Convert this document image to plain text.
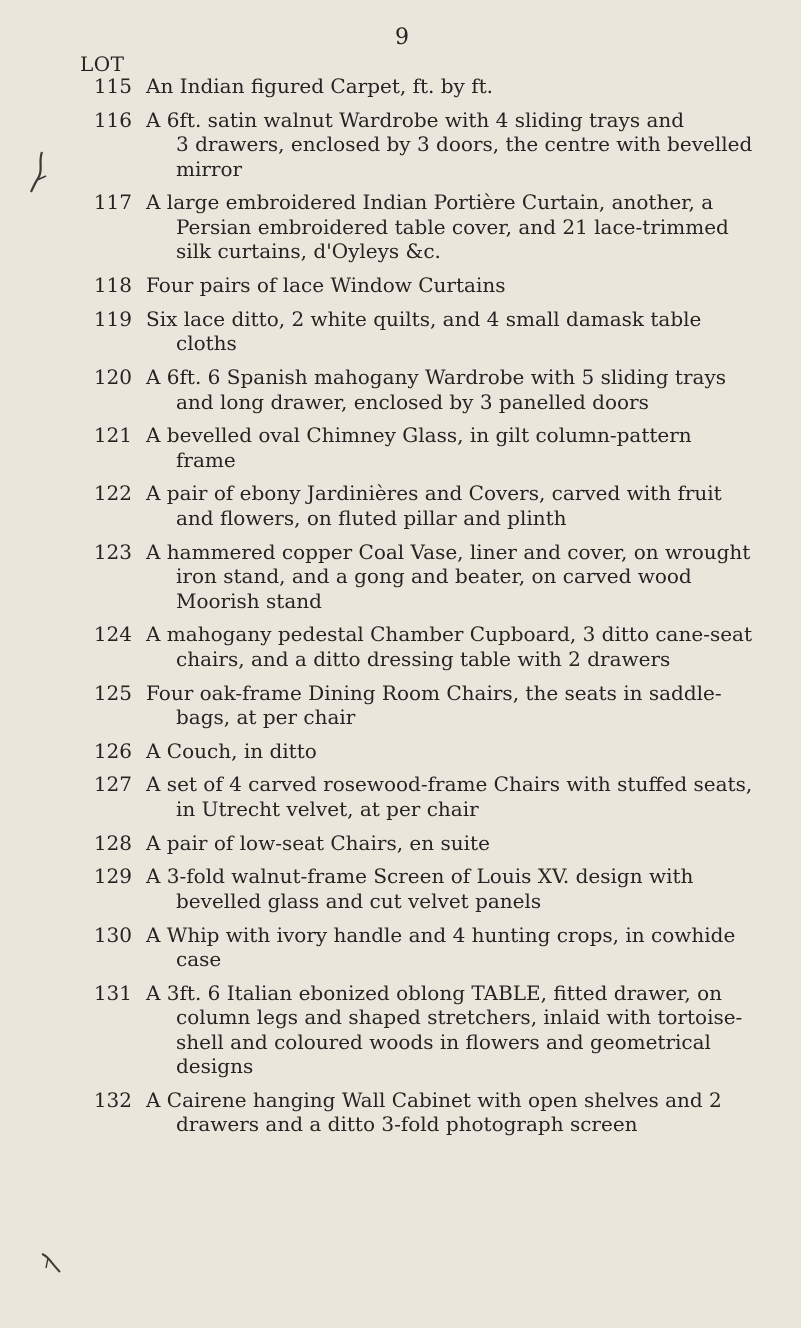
9
LOT
115 An Indian figured Carpet, ft. by ft.
116 A 6ft. satin walnut Wardrobe with 4 sliding trays and
3 drawers, enclosed by 3 doors, the centre with bevelled
mirror
117 A large embroidered Indian Portière Curtain, another, a
Persian embroidered table cover, and 21 lace-trimmed
silk curtains, d'Oyleys &c.
118 Four pairs of lace Window Curtains
119 Six lace ditto, 2 white quilts, and 4 small damask table
cloths
120 A 6ft. 6 Spanish mahogany Wardrobe with 5 sliding trays
and long drawer, enclosed by 3 panelled doors
121 A bevelled oval Chimney Glass, in gilt column-pattern
frame
122 A pair of ebony Jardinières and Covers, carved with fruit
and flowers, on fluted pillar and plinth
123 A hammered copper Coal Vase, liner and cover, on wrought
iron stand, and a gong and beater, on carved wood
Moorish stand
124 A mahogany pedestal Chamber Cupboard, 3 ditto cane-seat
chairs, and a ditto dressing table with 2 drawers
125 Four oak-frame Dining Room Chairs, the seats in saddle-
bags, at per chair
126 A Couch, in ditto
127 A set of 4 carved rosewood-frame Chairs with stuffed seats,
in Utrecht velvet, at per chair
128 A pair of low-seat Chairs, en suite
129 A 3-fold walnut-frame Screen of Louis XV. design with
bevelled glass and cut velvet panels
130 A Whip with ivory handle and 4 hunting crops, in cowhide
case
131 A 3ft. 6 Italian ebonized oblong TABLE, fitted drawer, on
column legs and shaped stretchers, inlaid with tortoise-
shell and coloured woods in flowers and geometrical
designs
132 A Cairene hanging Wall Cabinet with open shelves and 2
drawers and a ditto 3-fold photograph screen
